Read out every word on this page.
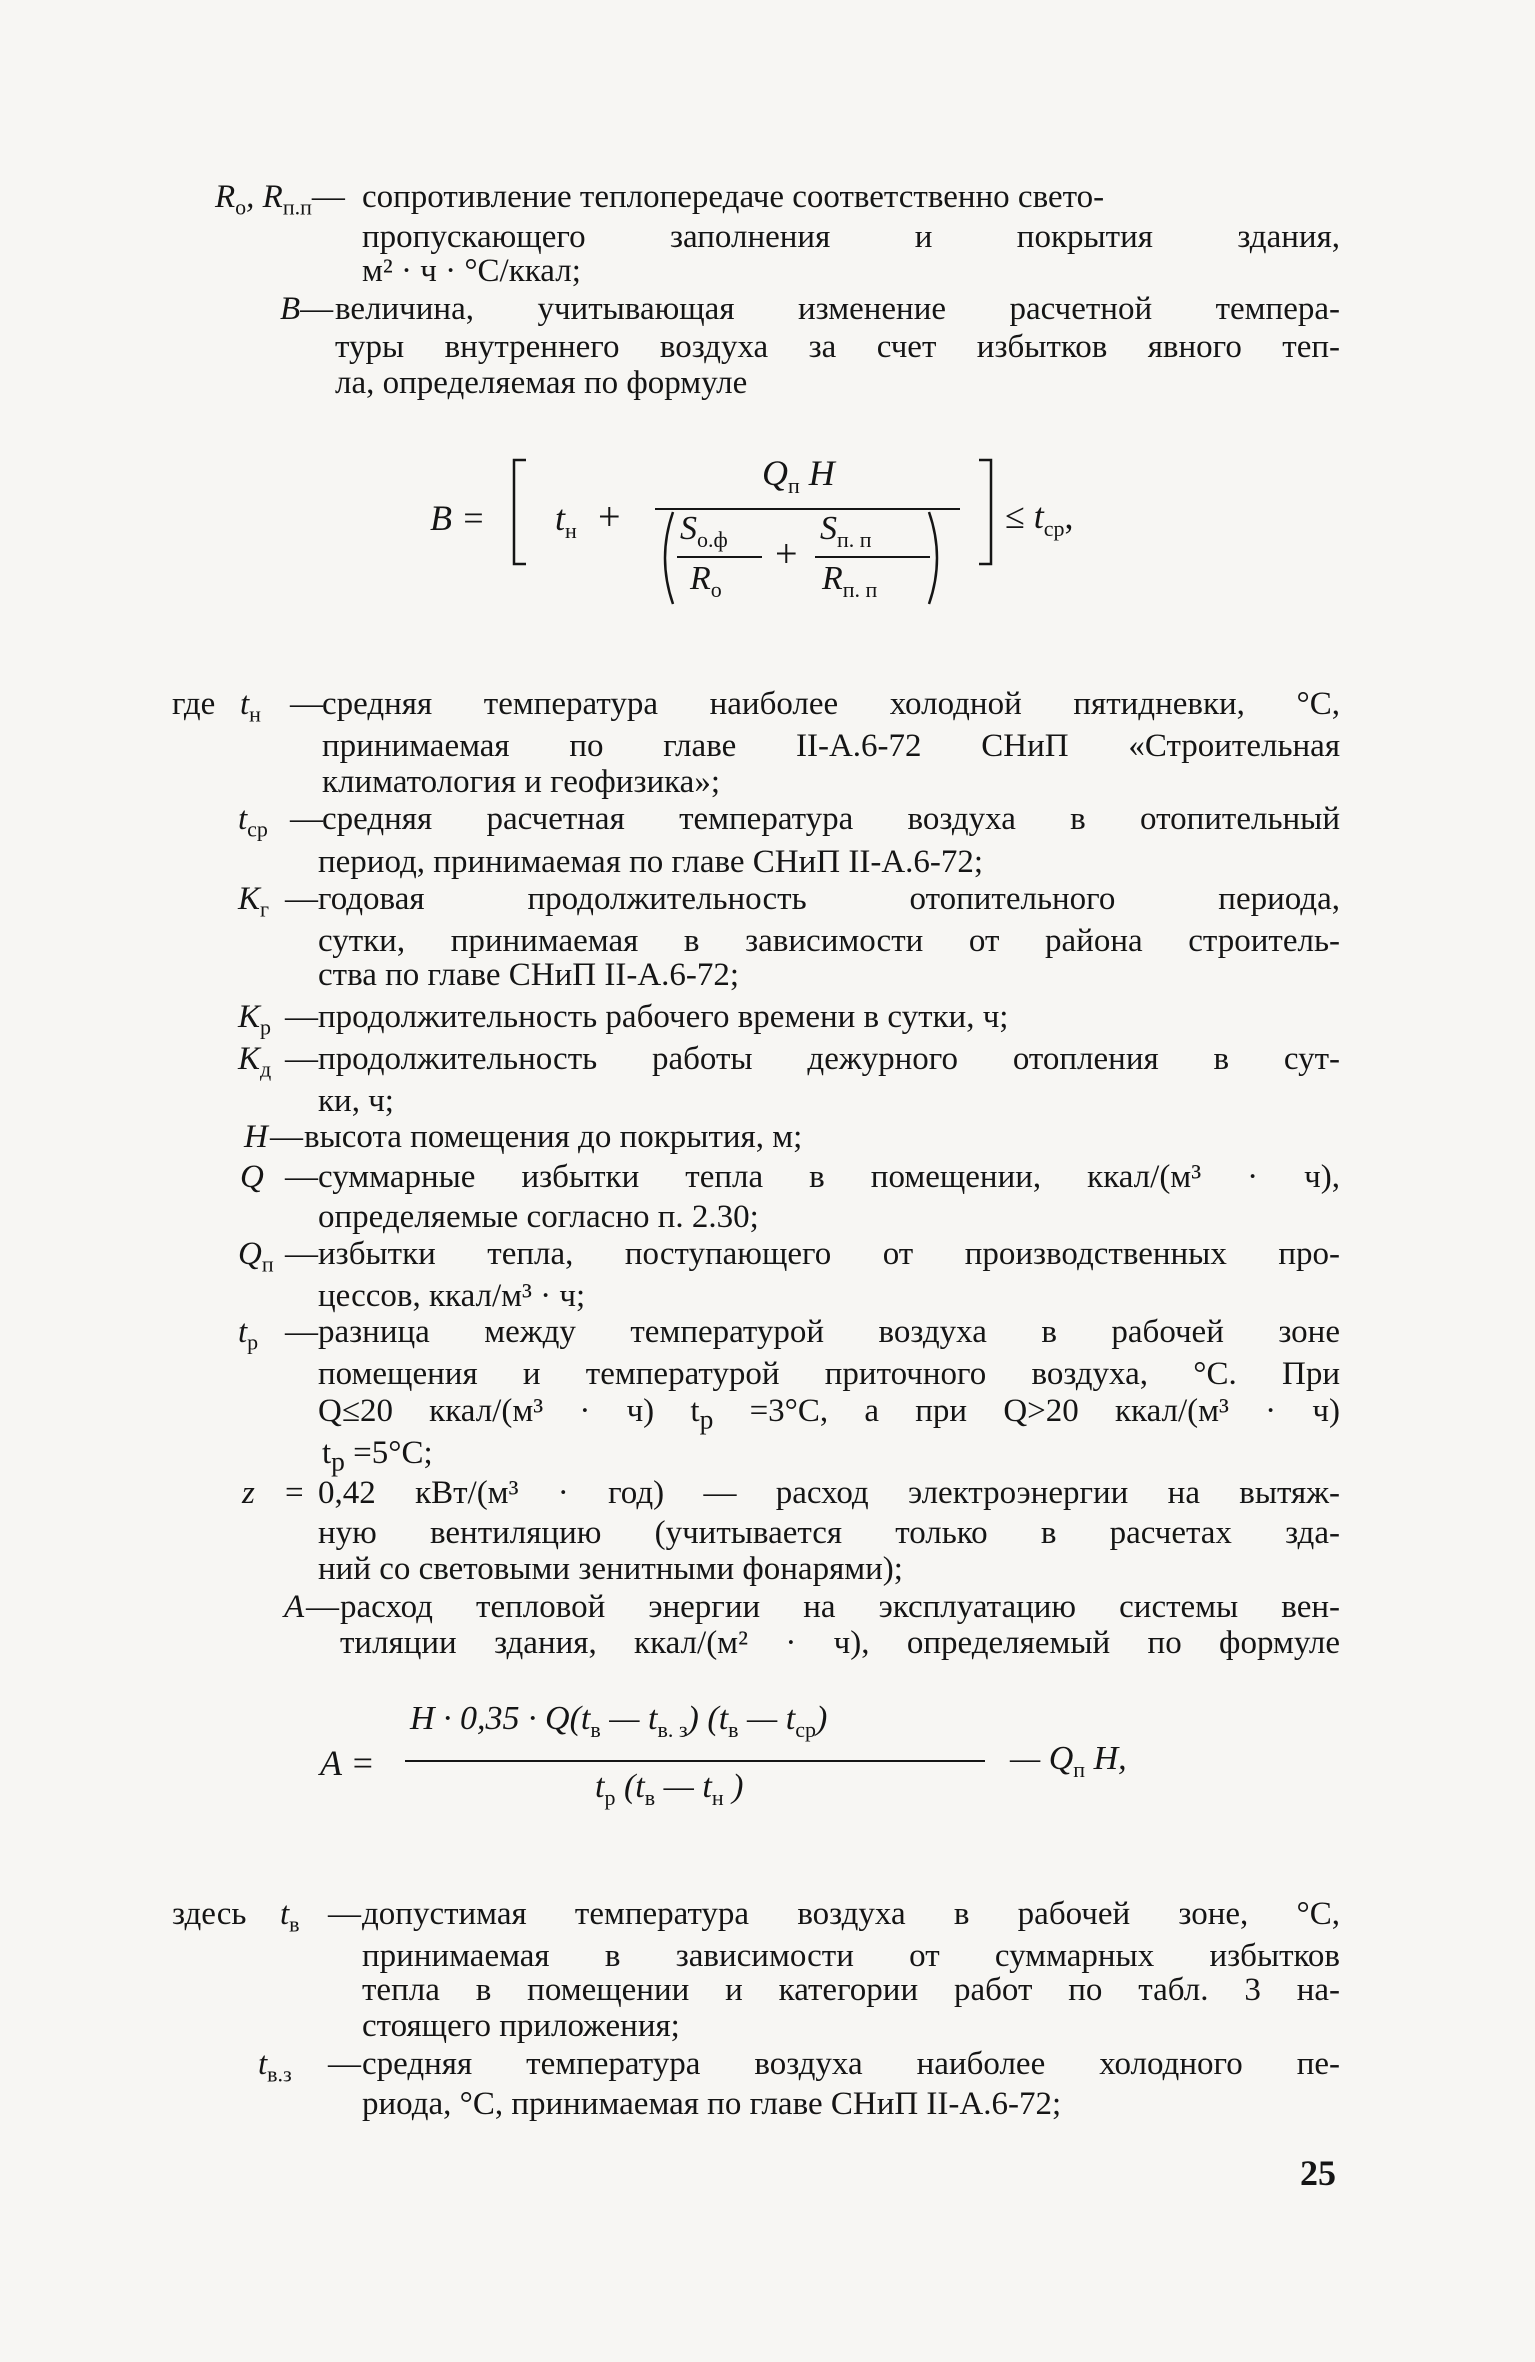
$R_о$, $R_{п.п}—$ сопротивление теплопередаче соответственно свето-
пропускающего заполнения и покрытия здания,
м² · ч · °С/ккал;
B— величина, учитывающая изменение расчетной темпера-
туры внутреннего воздуха за счет избытков явного теп-
ла, определяемая по формуле
$B = t_н$ +
$Q_п$ H
$S_{о.ф}$
$R_о$
+
$S_{п. п}$
$R_{п. п}$
≤ $t_{ср}$,
где $t_н$ — средняя температура наиболее холодной пятидневки, °С,
принимаемая по главе II-А.6-72 СНиП «Строительная
климатология и геофизика»;
$t_{ср}$ — средняя расчетная температура воздуха в отопительный
период, принимаемая по главе СНиП II-А.6-72;
$K_г$ — годовая продолжительность отопительного периода,
сутки, принимаемая в зависимости от района строитель-
ства по главе СНиП II-А.6-72;
$K_р$ — продолжительность рабочего времени в сутки, ч;
$K_д$ — продолжительность работы дежурного отопления в сут-
ки, ч;
H — высота помещения до покрытия, м;
Q — суммарные избытки тепла в помещении, ккал/(м³ · ч),
определяемые согласно п. 2.30;
$Q_п$ — избытки тепла, поступающего от производственных про-
цессов, ккал/м³ · ч;
$t_р$ — разница между температурой воздуха в рабочей зоне
помещения и температурой приточного воздуха, °С. При
Q≤20 ккал/(м³ · ч) $t_р =3^\circ С$, а при Q>20 ккал/(м³ · ч)
$t_р =5^\circ С$;
z = 0,42 кВт/(м³ · год) — расход электроэнергии на вытяж-
ную вентиляцию (учитывается только в расчетах зда-
ний со световыми зенитными фонарями);
A — расход тепловой энергии на эксплуатацию системы вен-
тиляции здания, ккал/(м² · ч), определяемый по формуле
A =
$H \cdot 0,35 \cdot Q(t_в$ — $t_{в. з}$) ($t_в$ — $t_{ср}$)
$t_р$ ($t_в$ — $t_н$ )
— $Q_п$ H,
здесь $t_в$ — допустимая температура воздуха в рабочей зоне, °С,
принимаемая в зависимости от суммарных избытков
тепла в помещении и категории работ по табл. 3 на-
стоящего приложения;
$t_{в.з}$ — средняя температура воздуха наиболее холодного пе-
риода, °С, принимаемая по главе СНиП II-А.6-72;
25
